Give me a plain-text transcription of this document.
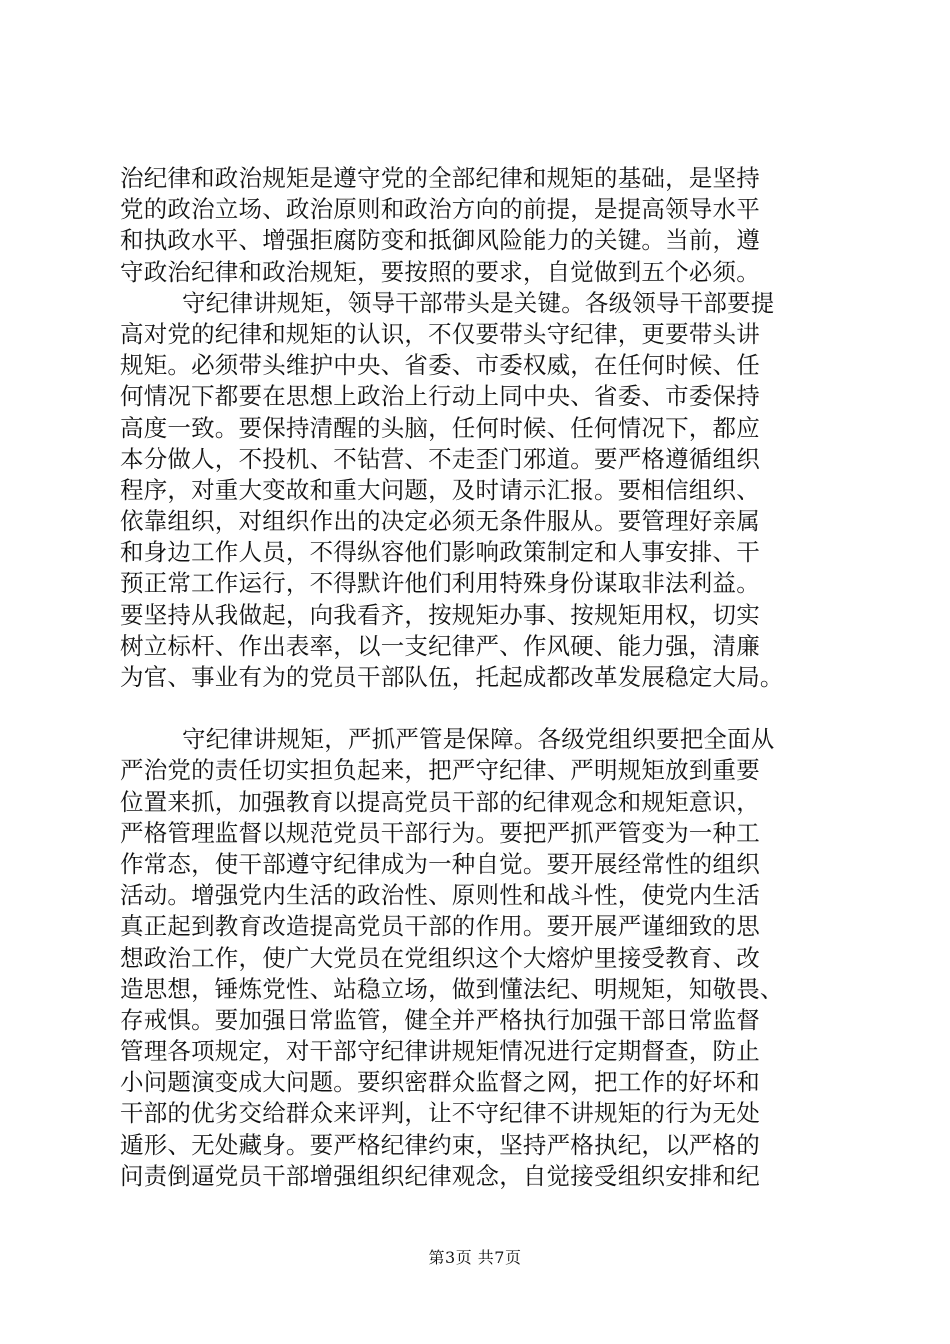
治纪律和政治规矩是遵守党的全部纪律和规矩的基础，是坚持
党的政治立场、政治原则和政治方向的前提，是提高领导水平
和执政水平、增强拒腐防变和抵御风险能力的关键。当前，遵
守政治纪律和政治规矩，要按照的要求，自觉做到五个必须。
守纪律讲规矩，领导干部带头是关键。各级领导干部要提
高对党的纪律和规矩的认识，不仅要带头守纪律，更要带头讲
规矩。必须带头维护中央、省委、市委权威，在任何时候、任
何情况下都要在思想上政治上行动上同中央、省委、市委保持
高度一致。要保持清醒的头脑，任何时候、任何情况下，都应
本分做人，不投机、不钻营、不走歪门邪道。要严格遵循组织
程序，对重大变故和重大问题，及时请示汇报。要相信组织、
依靠组织，对组织作出的决定必须无条件服从。要管理好亲属
和身边工作人员，不得纵容他们影响政策制定和人事安排、干
预正常工作运行，不得默许他们利用特殊身份谋取非法利益。
要坚持从我做起，向我看齐，按规矩办事、按规矩用权，切实
树立标杆、作出表率，以一支纪律严、作风硬、能力强，清廉
为官、事业有为的党员干部队伍，托起成都改革发展稳定大局。
守纪律讲规矩，严抓严管是保障。各级党组织要把全面从
严治党的责任切实担负起来，把严守纪律、严明规矩放到重要
位置来抓，加强教育以提高党员干部的纪律观念和规矩意识，
严格管理监督以规范党员干部行为。要把严抓严管变为一种工
作常态，使干部遵守纪律成为一种自觉。要开展经常性的组织
活动。增强党内生活的政治性、原则性和战斗性，使党内生活
真正起到教育改造提高党员干部的作用。要开展严谨细致的思
想政治工作，使广大党员在党组织这个大熔炉里接受教育、改
造思想，锤炼党性、站稳立场，做到懂法纪、明规矩，知敬畏、
存戒惧。要加强日常监管，健全并严格执行加强干部日常监督
管理各项规定，对干部守纪律讲规矩情况进行定期督查，防止
小问题演变成大问题。要织密群众监督之网，把工作的好坏和
干部的优劣交给群众来评判，让不守纪律不讲规矩的行为无处
遁形、无处藏身。要严格纪律约束，坚持严格执纪，以严格的
问责倒逼党员干部增强组织纪律观念，自觉接受组织安排和纪
第3页 共7页
